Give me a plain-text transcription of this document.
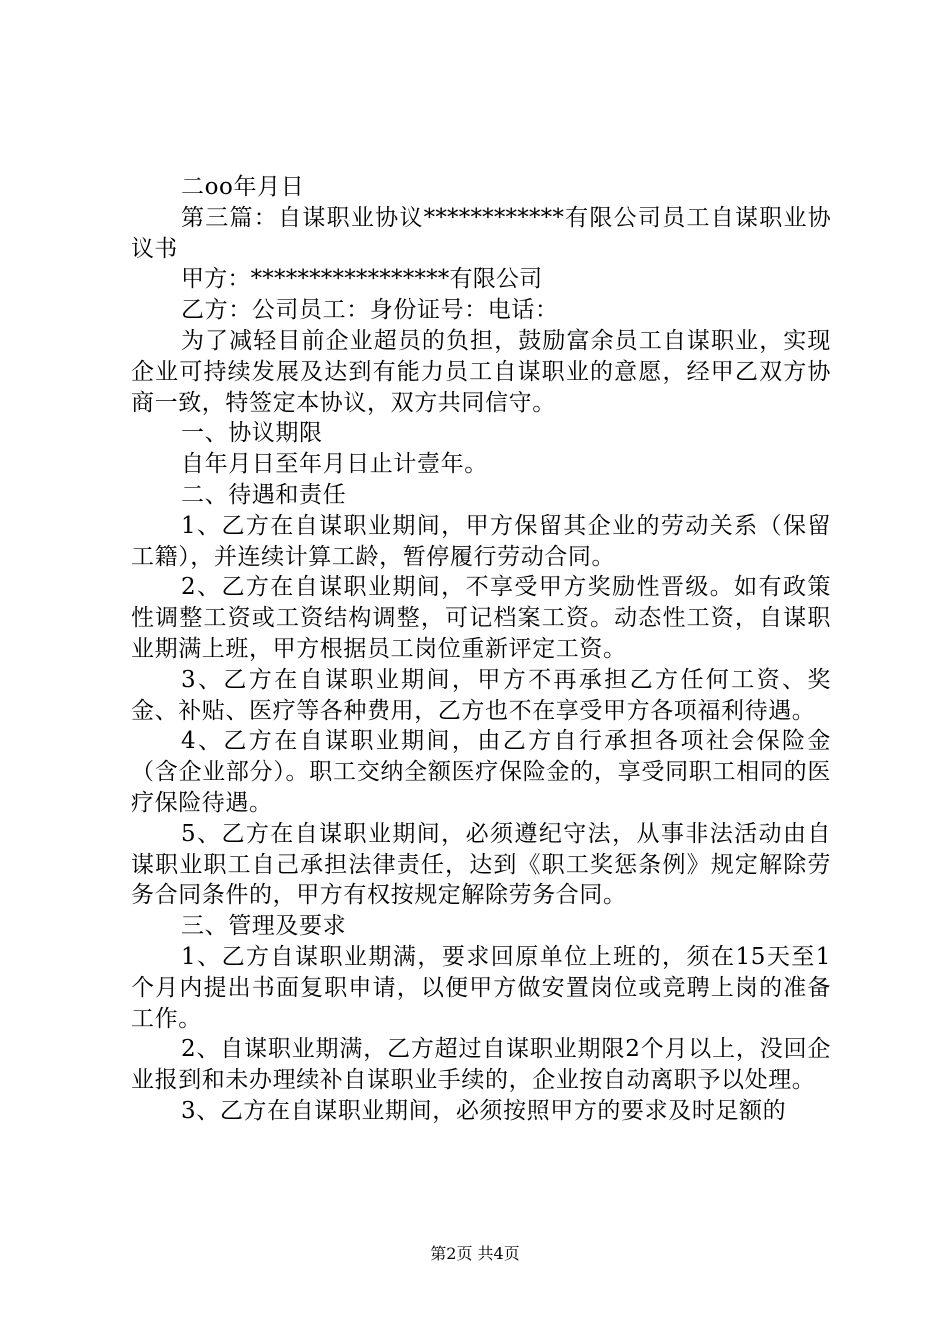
二oo年月日

第三篇：自谋职业协议************有限公司员工自谋职业协议书

甲方：*****************有限公司

乙方：公司员工：身份证号：电话：

为了减轻目前企业超员的负担，鼓励富余员工自谋职业，实现企业可持续发展及达到有能力员工自谋职业的意愿，经甲乙双方协商一致，特签定本协议，双方共同信守。

一、协议期限

自年月日至年月日止计壹年。

二、待遇和责任

1、乙方在自谋职业期间，甲方保留其企业的劳动关系（保留工籍），并连续计算工龄，暂停履行劳动合同。

2、乙方在自谋职业期间，不享受甲方奖励性晋级。如有政策性调整工资或工资结构调整，可记档案工资。动态性工资，自谋职业期满上班，甲方根据员工岗位重新评定工资。

3、乙方在自谋职业期间，甲方不再承担乙方任何工资、奖金、补贴、医疗等各种费用，乙方也不在享受甲方各项福利待遇。

4、乙方在自谋职业期间，由乙方自行承担各项社会保险金（含企业部分）。职工交纳全额医疗保险金的，享受同职工相同的医疗保险待遇。

5、乙方在自谋职业期间，必须遵纪守法，从事非法活动由自谋职业职工自己承担法律责任，达到《职工奖惩条例》规定解除劳务合同条件的，甲方有权按规定解除劳务合同。

三、管理及要求

1、乙方自谋职业期满，要求回原单位上班的，须在15天至1个月内提出书面复职申请，以便甲方做安置岗位或竞聘上岗的准备工作。

2、自谋职业期满，乙方超过自谋职业期限2个月以上，没回企业报到和未办理续补自谋职业手续的，企业按自动离职予以处理。

3、乙方在自谋职业期间，必须按照甲方的要求及时足额的

第2页 共4页
